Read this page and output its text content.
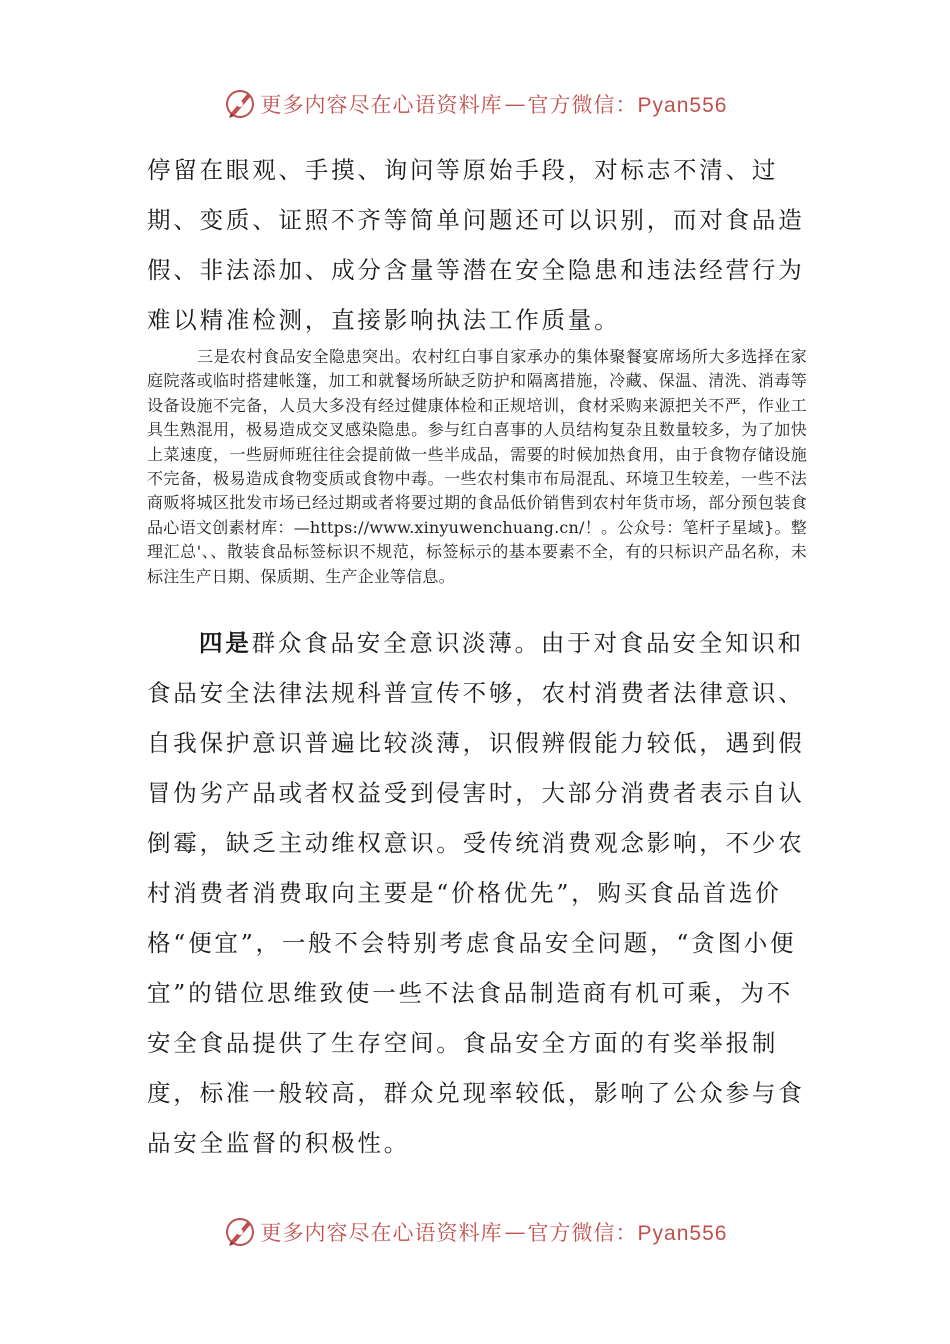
更多内容尽在心语资料库 — 官方微信：Pyan556

停留在眼观、手摸、询问等原始手段，对标志不清、过期、变质、证照不齐等简单问题还可以识别，而对食品造假、非法添加、成分含量等潜在安全隐患和违法经营行为难以精准检测，直接影响执法工作质量。

三是农村食品安全隐患突出。农村红白事自家承办的集体聚餐宴席场所大多选择在家庭院落或临时搭建帐篷，加工和就餐场所缺乏防护和隔离措施，冷藏、保温、清洗、消毒等设备设施不完备，人员大多没有经过健康体检和正规培训，食材采购来源把关不严，作业工具生熟混用，极易造成交叉感染隐患。参与红白喜事的人员结构复杂且数量较多，为了加快上菜速度，一些厨师班往往会提前做一些半成品，需要的时候加热食用，由于食物存储设施不完备，极易造成食物变质或食物中毒。一些农村集市布局混乱、环境卫生较差，一些不法商贩将城区批发市场已经过期或者将要过期的食品低价销售到农村年货市场，部分预包装食品心语文创素材库：—https://www.xinyuwenchuang.cn/！。公众号：笔杆子星域}。整理汇总'、、散装食品标签标识不规范，标签标示的基本要素不全，有的只标识产品名称，未标注生产日期、保质期、生产企业等信息。

四是群众食品安全意识淡薄。由于对食品安全知识和食品安全法律法规科普宣传不够，农村消费者法律意识、自我保护意识普遍比较淡薄，识假辨假能力较低，遇到假冒伪劣产品或者权益受到侵害时，大部分消费者表示自认倒霉，缺乏主动维权意识。受传统消费观念影响，不少农村消费者消费取向主要是“价格优先”，购买食品首选价格“便宜”，一般不会特别考虑食品安全问题，“贪图小便宜”的错位思维致使一些不法食品制造商有机可乘，为不安全食品提供了生存空间。食品安全方面的有奖举报制度，标准一般较高，群众兑现率较低，影响了公众参与食品安全监督的积极性。

更多内容尽在心语资料库 — 官方微信：Pyan556
